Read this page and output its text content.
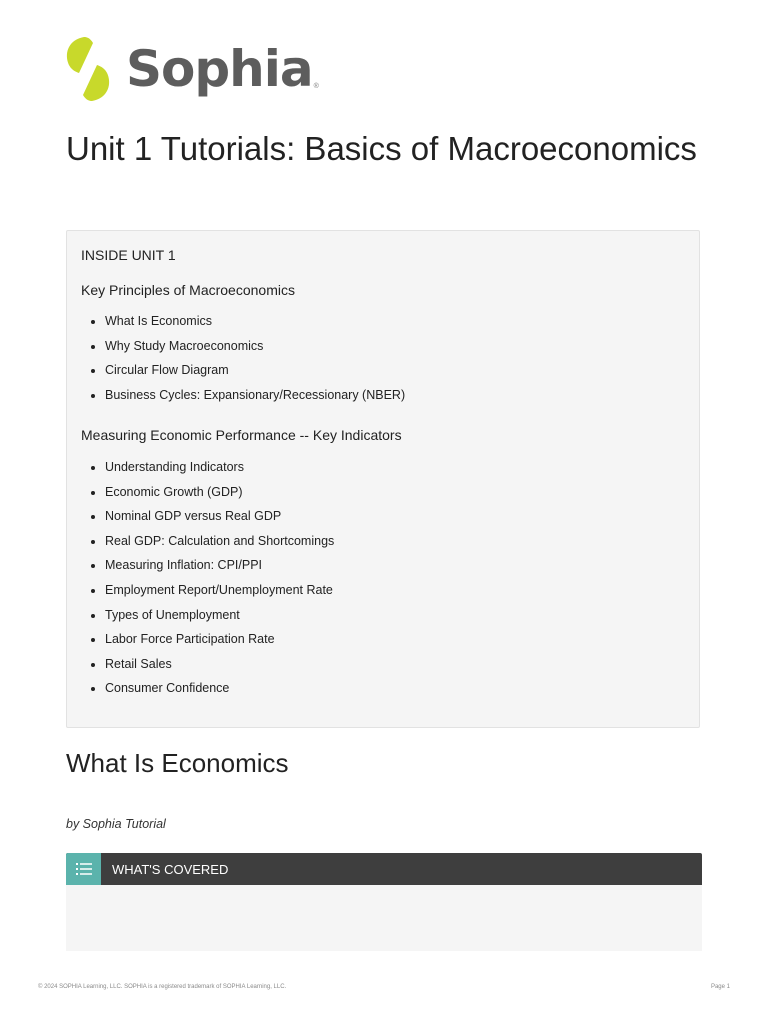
Sophia ®
Unit 1 Tutorials: Basics of Macroeconomics
INSIDE UNIT 1
Key Principles of Macroeconomics
• What Is Economics
• Why Study Macroeconomics
• Circular Flow Diagram
• Business Cycles: Expansionary/Recessionary (NBER)
Measuring Economic Performance -- Key Indicators
• Understanding Indicators
• Economic Growth (GDP)
• Nominal GDP versus Real GDP
• Real GDP: Calculation and Shortcomings
• Measuring Inflation: CPI/PPI
• Employment Report/Unemployment Rate
• Types of Unemployment
• Labor Force Participation Rate
• Retail Sales
• Consumer Confidence
What Is Economics
by Sophia Tutorial
WHAT'S COVERED
© 2024 SOPHIA Learning, LLC. SOPHIA is a registered trademark of SOPHIA Learning, LLC.	Page 1
